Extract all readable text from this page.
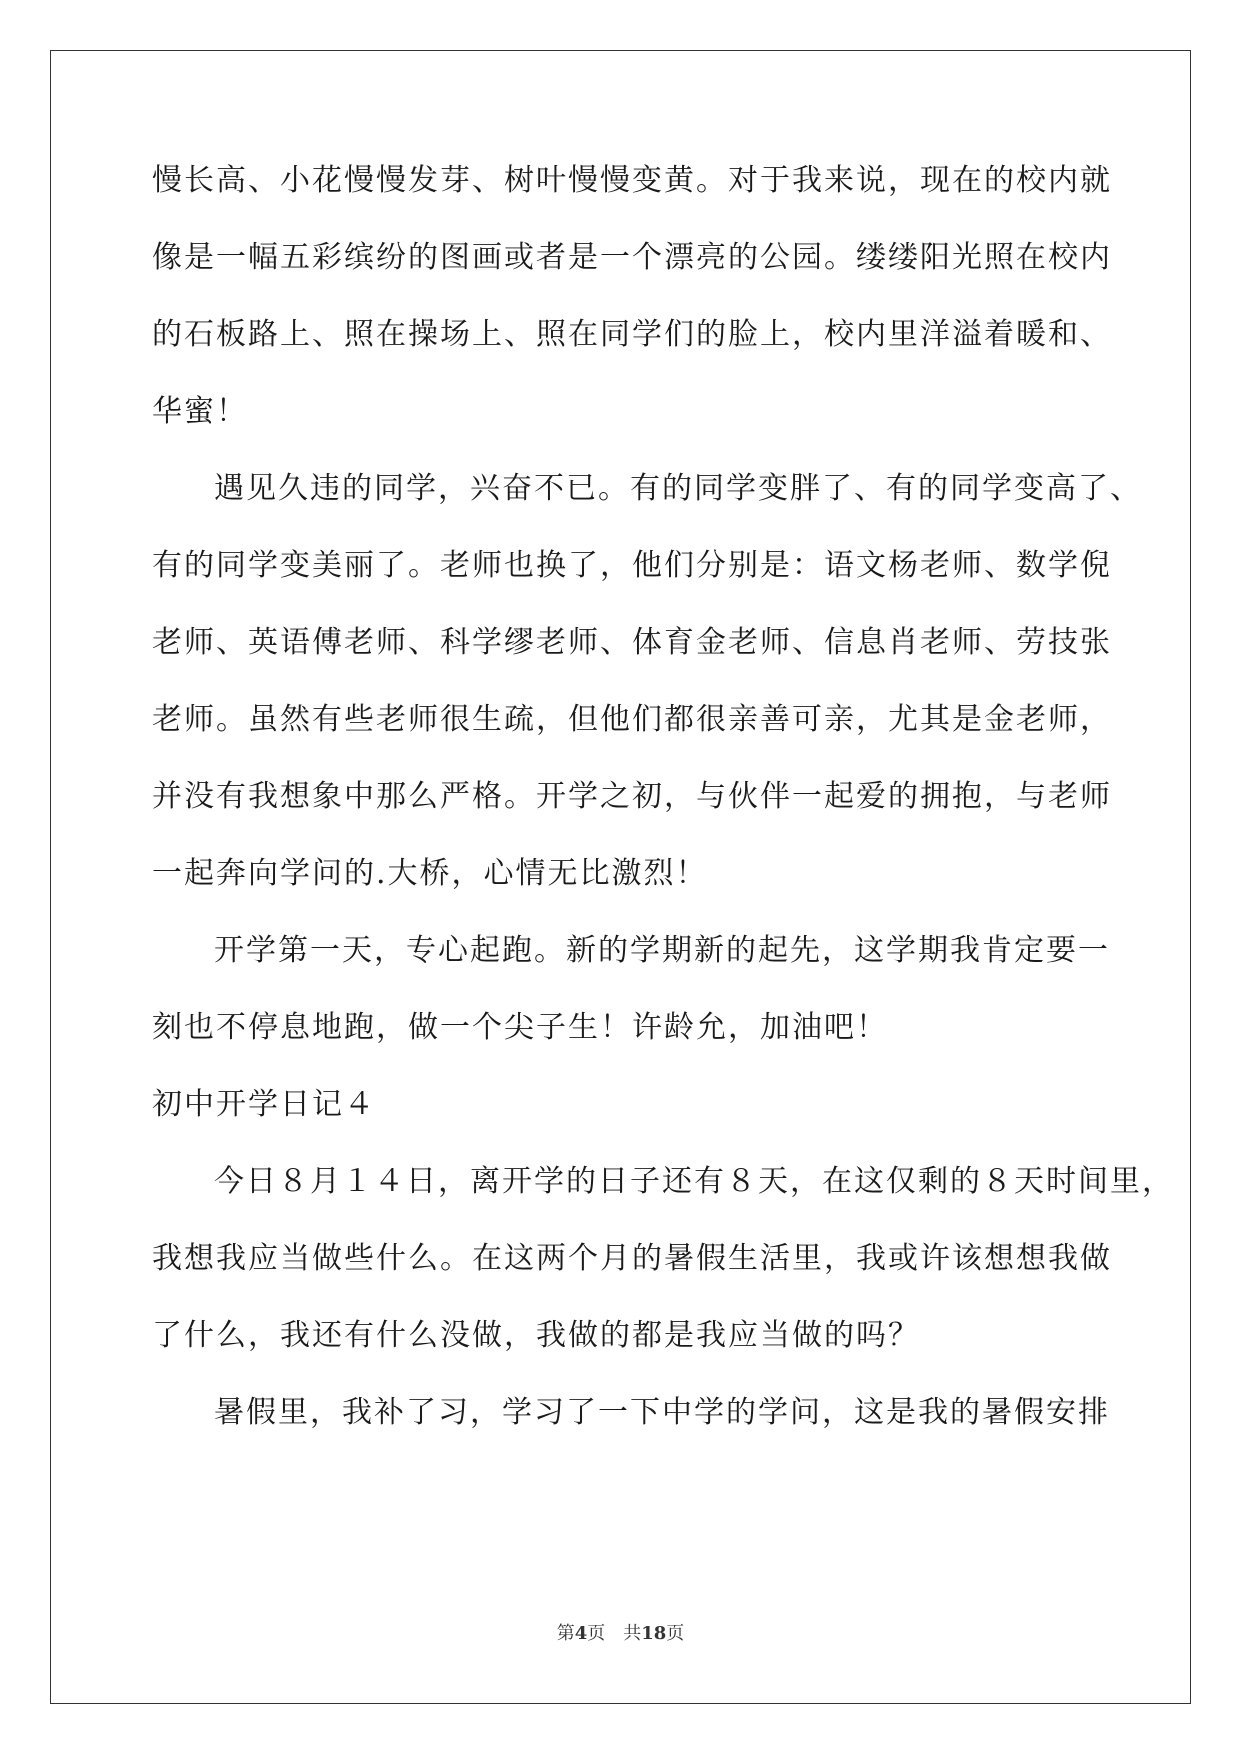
慢长高、小花慢慢发芽、树叶慢慢变黄。对于我来说，现在的校内就
像是一幅五彩缤纷的图画或者是一个漂亮的公园。缕缕阳光照在校内
的石板路上、照在操场上、照在同学们的脸上，校内里洋溢着暖和、
华蜜！
遇见久违的同学，兴奋不已。有的同学变胖了、有的同学变高了、
有的同学变美丽了。老师也换了，他们分别是：语文杨老师、数学倪
老师、英语傅老师、科学缪老师、体育金老师、信息肖老师、劳技张
老师。虽然有些老师很生疏，但他们都很亲善可亲，尤其是金老师，
并没有我想象中那么严格。开学之初，与伙伴一起爱的拥抱，与老师
一起奔向学问的.大桥，心情无比激烈！
开学第一天，专心起跑。新的学期新的起先，这学期我肯定要一
刻也不停息地跑，做一个尖子生！许龄允，加油吧！
初中开学日记４
今日８月１４日，离开学的日子还有８天，在这仅剩的８天时间里，
我想我应当做些什么。在这两个月的暑假生活里，我或许该想想我做
了什么，我还有什么没做，我做的都是我应当做的吗？
暑假里，我补了习，学习了一下中学的学问，这是我的暑假安排
第4页 共18页
